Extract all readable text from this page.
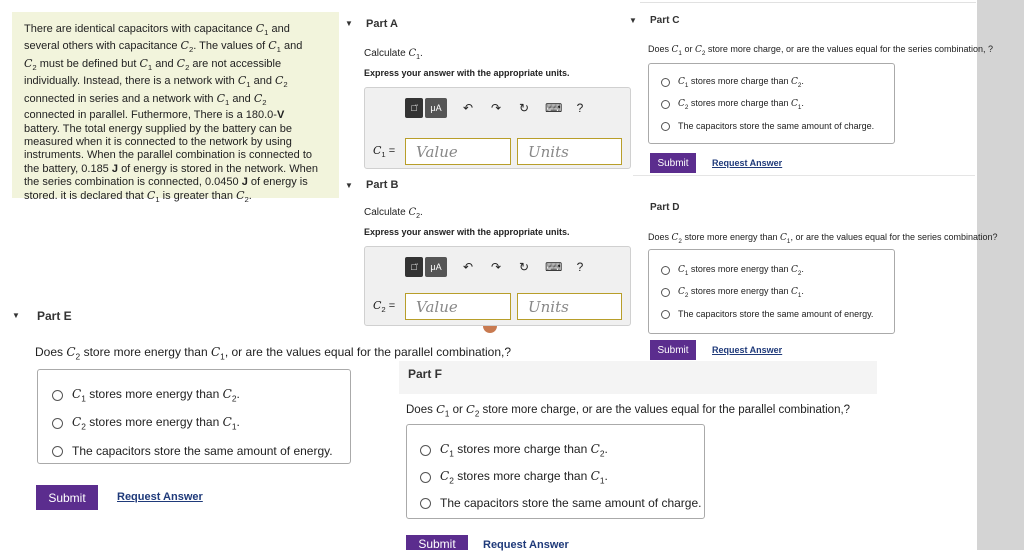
There are identical capacitors with capacitance $C_1$ and
several others with capacitance $C_2$. The values of $C_1$ and
$C_2$ must be defined but $C_1$ and $C_2$ are not accessible
individually. Instead, there is a network with $C_1$ and $C_2$
connected in series and a network with $C_1$ and $C_2$
connected in parallel. Futhermore, There is a 180.0-V
battery. The total energy supplied by the battery can be
measured when it is connected to the network by using
instruments. When the parallel combination is connected to
the battery, 0.185 J of energy is stored in the network. When
the series combination is connected, 0.0450 J of energy is
stored. it is declared that $C_1$ is greater than $C_2$.
▼ Part A
Calculate $C_1$.
Express your answer with the appropriate units.
□̈	μA	↶ ↷ ↻ ⌨	?
$C_1$ =	Value	Units
▼ Part B
Calculate $C_2$.
Express your answer with the appropriate units.
□̈	μA	↶ ↷ ↻ ⌨	?
$C_2$ =	Value	Units
▼ Part C
Does $C_1$ or $C_2$ store more charge, or are the values equal for the series combination, ?
$C_1$ stores more charge than $C_2$.
$C_2$ stores more charge than $C_1$.
The capacitors store the same amount of charge.
Submit	Request Answer
Part D
Does $C_2$ store more energy than $C_1$, or are the values equal for the series combination?
$C_1$ stores more energy than $C_2$.
$C_2$ stores more energy than $C_1$.
The capacitors store the same amount of energy.
Submit	Request Answer
▼ Part E
Does $C_2$ store more energy than $C_1$, or are the values equal for the parallel combination,?
$C_1$ stores more energy than $C_2$.
$C_2$ stores more energy than $C_1$.
The capacitors store the same amount of energy.
Submit	Request Answer
Part F
Does $C_1$ or $C_2$ store more charge, or are the values equal for the parallel combination,?
$C_1$ stores more charge than $C_2$.
$C_2$ stores more charge than $C_1$.
The capacitors store the same amount of charge.
Submit	Request Answer
